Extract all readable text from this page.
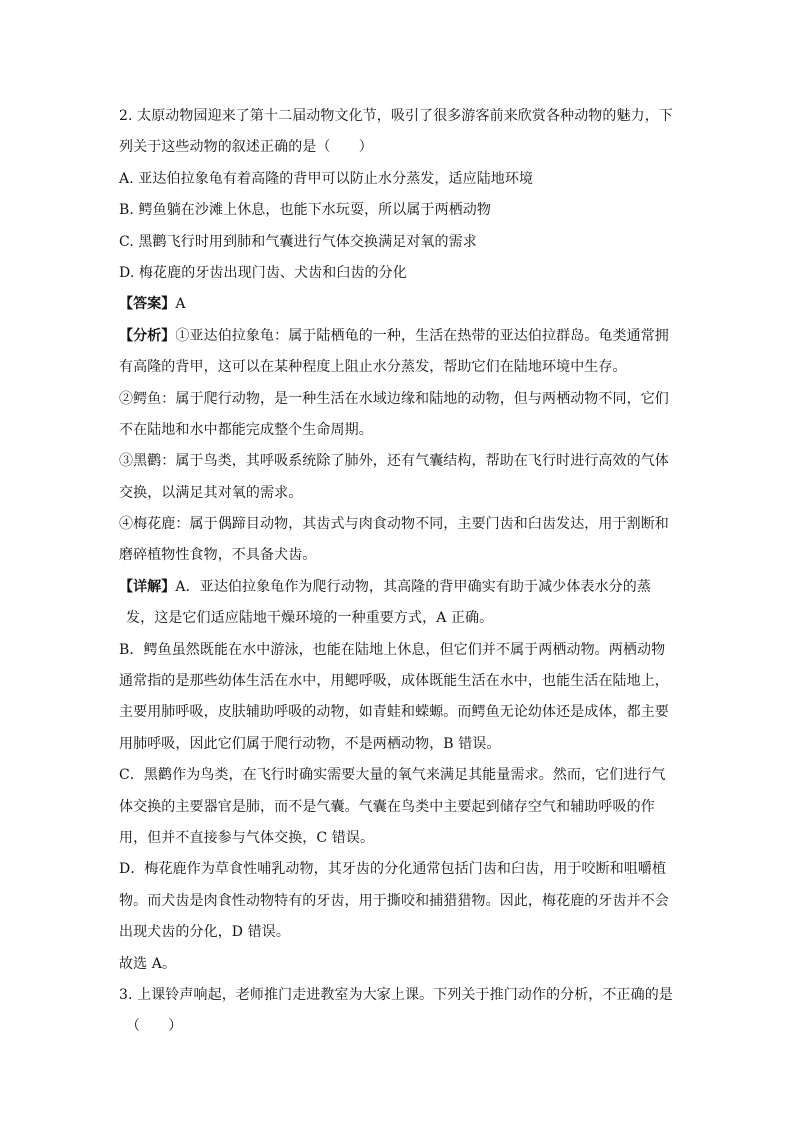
2. 太原动物园迎来了第十二届动物文化节，吸引了很多游客前来欣赏各种动物的魅力，下
列关于这些动物的叙述正确的是（　　）
A. 亚达伯拉象龟有着高隆的背甲可以防止水分蒸发，适应陆地环境
B. 鳄鱼躺在沙滩上休息，也能下水玩耍，所以属于两栖动物
C. 黑鹳飞行时用到肺和气囊进行气体交换满足对氧的需求
D. 梅花鹿的牙齿出现门齿、犬齿和臼齿的分化
【答案】A
【分析】①亚达伯拉象龟：属于陆栖龟的一种，生活在热带的亚达伯拉群岛。龟类通常拥
有高隆的背甲，这可以在某种程度上阻止水分蒸发，帮助它们在陆地环境中生存。
②鳄鱼：属于爬行动物，是一种生活在水域边缘和陆地的动物，但与两栖动物不同，它们
不在陆地和水中都能完成整个生命周期。
③黑鹳：属于鸟类，其呼吸系统除了肺外，还有气囊结构，帮助在飞行时进行高效的气体
交换，以满足其对氧的需求。
④梅花鹿：属于偶蹄目动物，其齿式与肉食动物不同，主要门齿和臼齿发达，用于割断和
磨碎植物性食物，不具备犬齿。
【详解】A．亚达伯拉象龟作为爬行动物，其高隆的背甲确实有助于减少体表水分的蒸
发，这是它们适应陆地干燥环境的一种重要方式，A 正确。
B．鳄鱼虽然既能在水中游泳，也能在陆地上休息，但它们并不属于两栖动物。两栖动物
通常指的是那些幼体生活在水中，用鳃呼吸，成体既能生活在水中，也能生活在陆地上，
主要用肺呼吸，皮肤辅助呼吸的动物，如青蛙和蝾螈。而鳄鱼无论幼体还是成体，都主要
用肺呼吸，因此它们属于爬行动物，不是两栖动物，B 错误。
C．黑鹳作为鸟类，在飞行时确实需要大量的氧气来满足其能量需求。然而，它们进行气
体交换的主要器官是肺，而不是气囊。气囊在鸟类中主要起到储存空气和辅助呼吸的作
用，但并不直接参与气体交换，C 错误。
D．梅花鹿作为草食性哺乳动物，其牙齿的分化通常包括门齿和臼齿，用于咬断和咀嚼植
物。而犬齿是肉食性动物特有的牙齿，用于撕咬和捕猎猎物。因此，梅花鹿的牙齿并不会
出现犬齿的分化，D 错误。
故选 A。
3. 上课铃声响起，老师推门走进教室为大家上课。下列关于推门动作的分析，不正确的是
（　　）
